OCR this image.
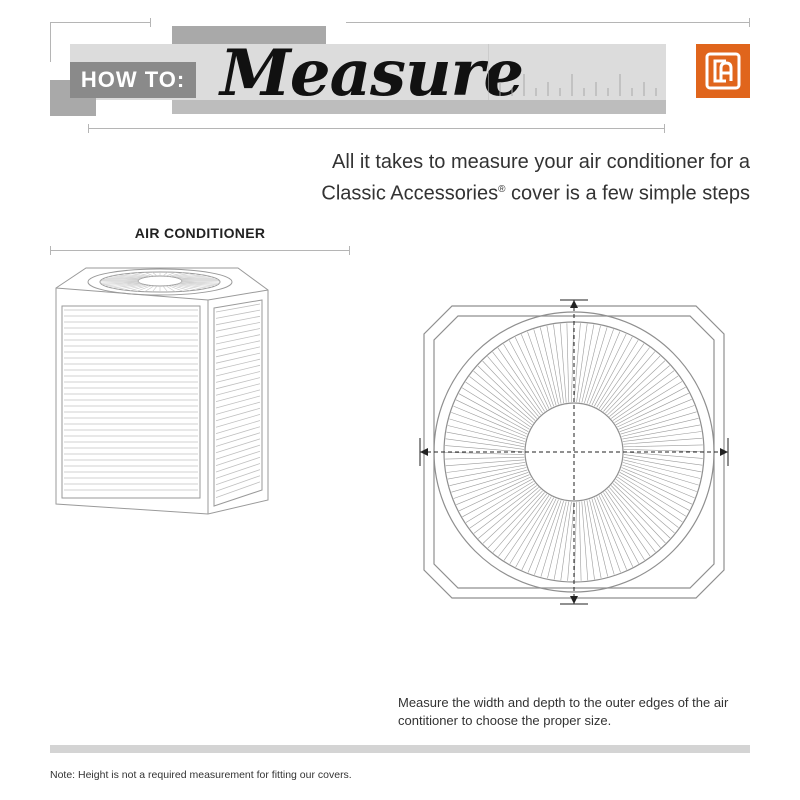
HOW TO: Measure
All it takes to measure your air conditioner for a
Classic Accessories® cover is a few simple steps
AIR CONDITIONER
Measure the width and depth to the outer edges of the air contitioner to choose the proper size.
Note: Height is not a required measurement for fitting our covers.
